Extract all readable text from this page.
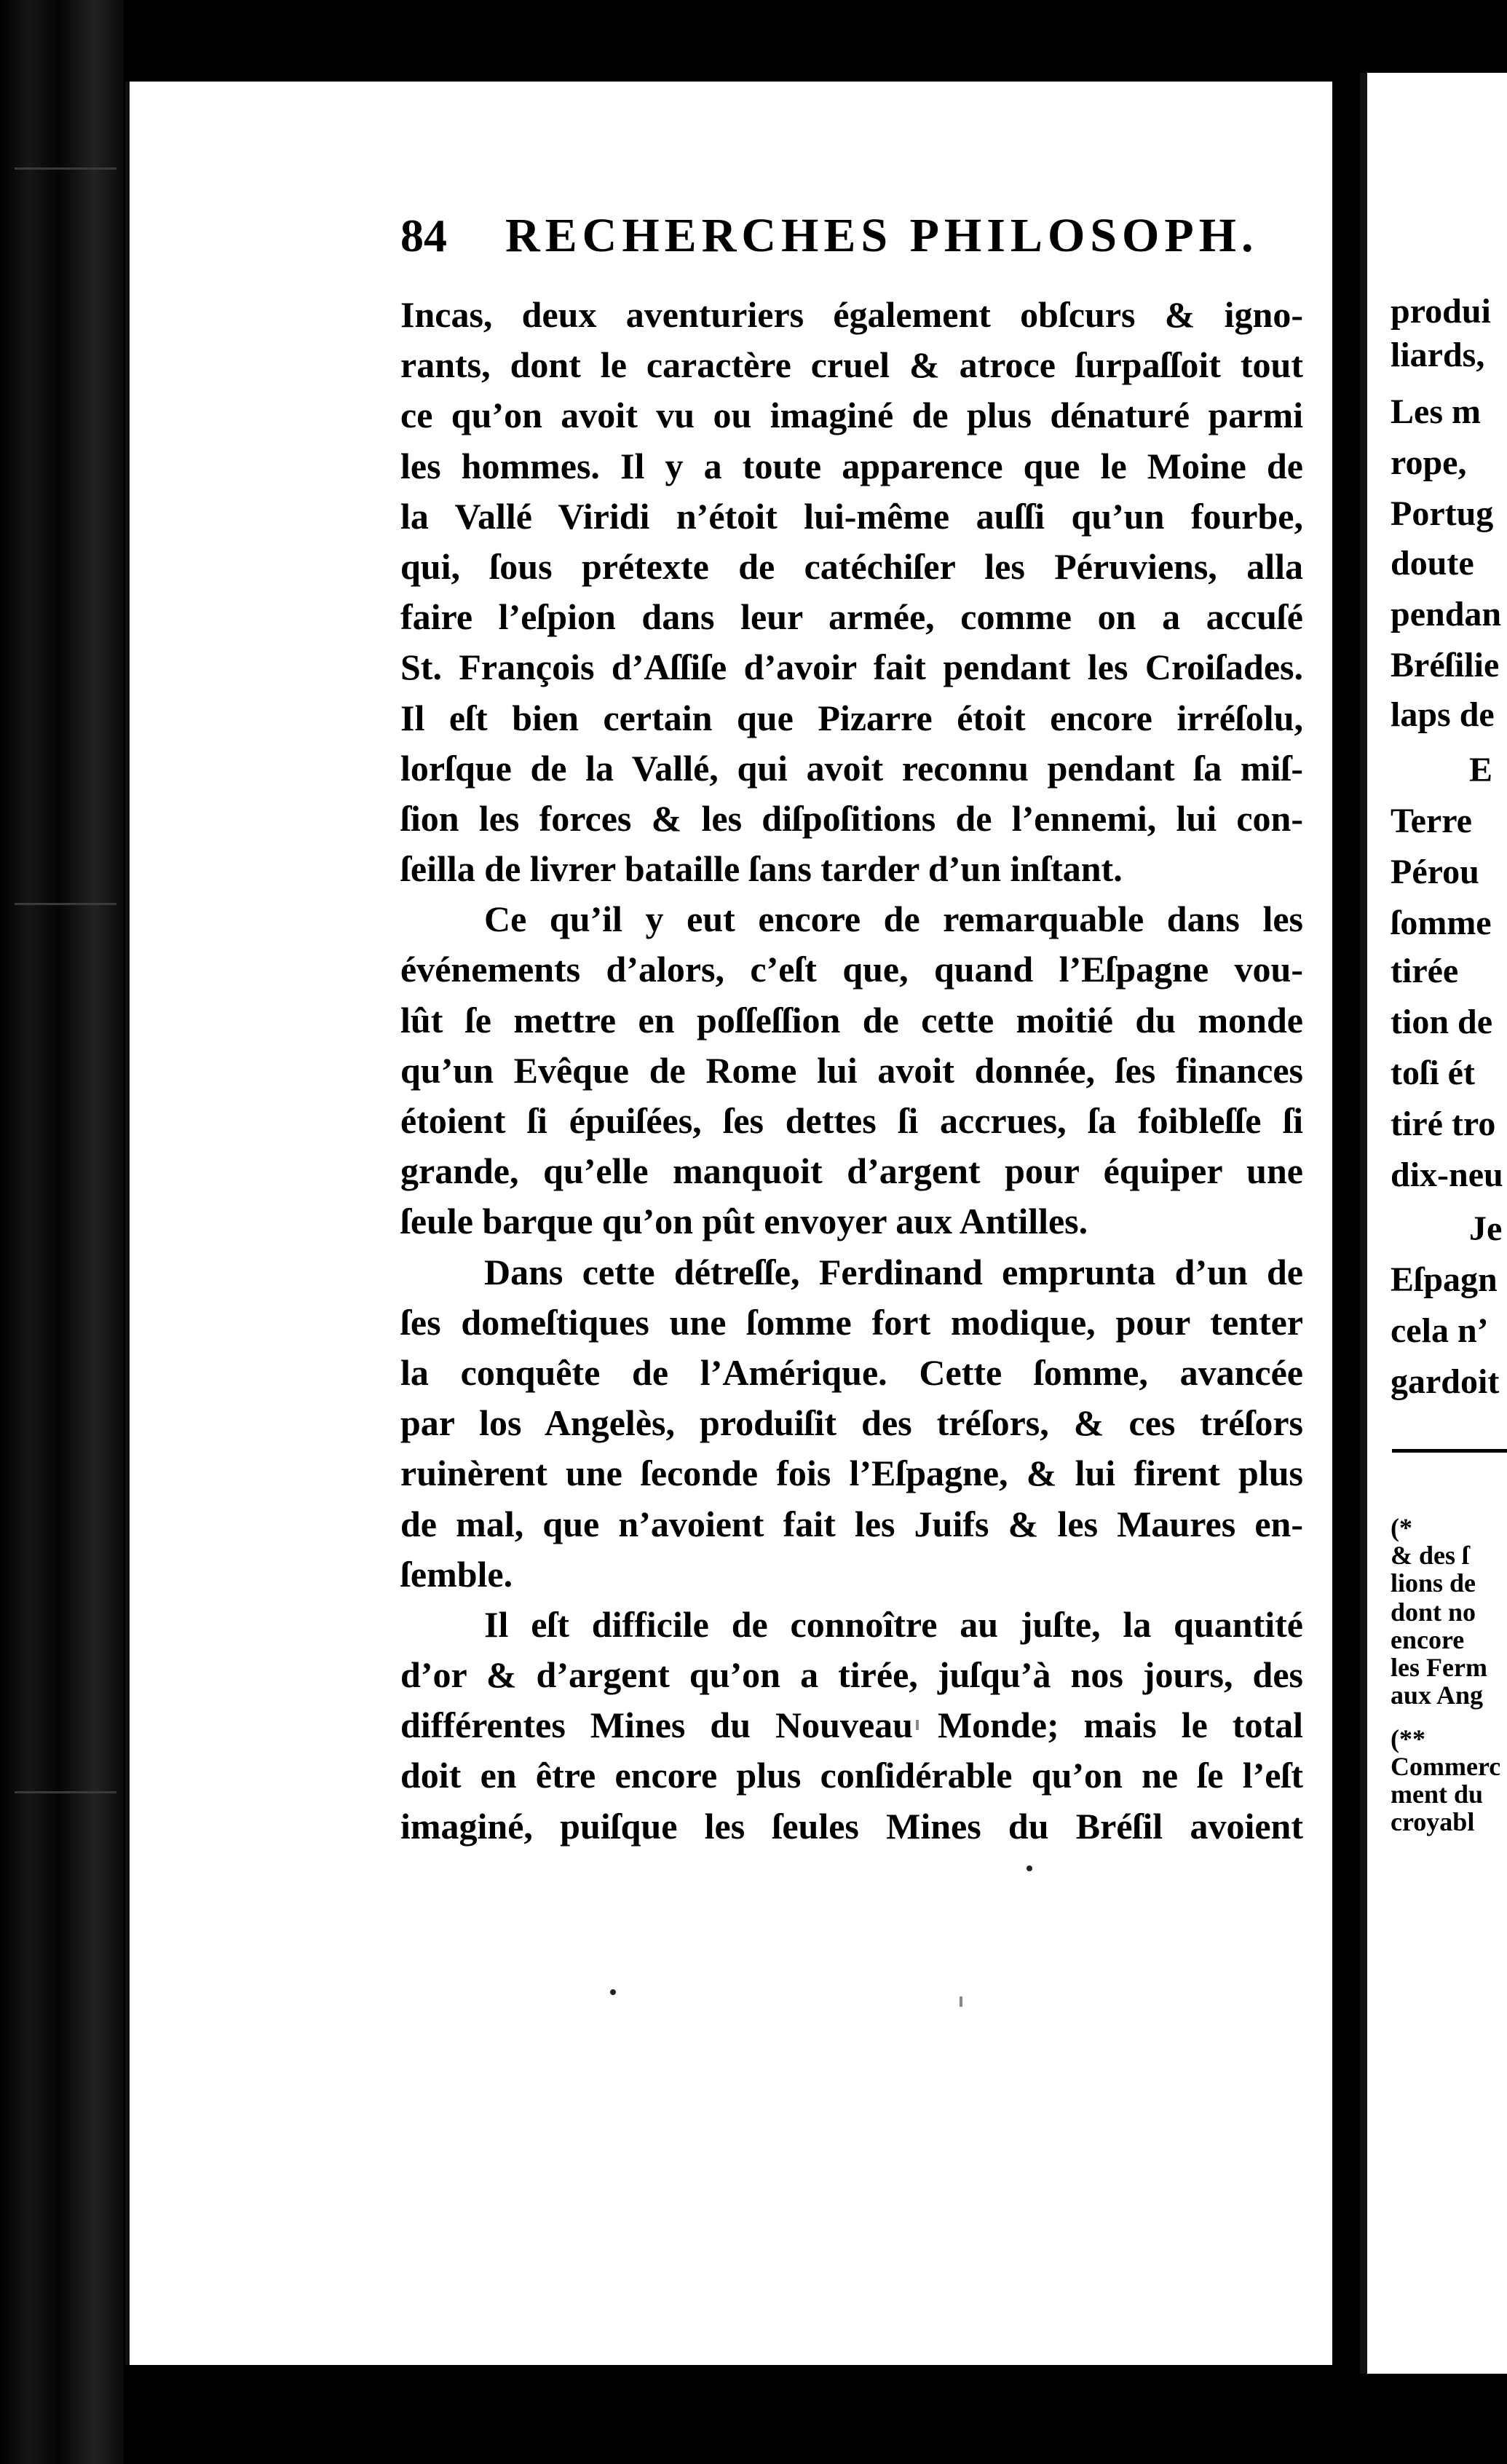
84 RECHERCHES PHILOSOPH.
Incas, deux aventuriers également obſcurs & igno-
rants, dont le caractère cruel & atroce ſurpaſſoit tout
ce qu’on avoit vu ou imaginé de plus dénaturé parmi
les hommes. Il y a toute apparence que le Moine de
la Vallé Viridi n’étoit lui-même auſſi qu’un fourbe,
qui, ſous prétexte de catéchiſer les Péruviens, alla
faire l’eſpion dans leur armée, comme on a accuſé
St. François d’Aſſiſe d’avoir fait pendant les Croiſades.
Il eſt bien certain que Pizarre étoit encore irréſolu,
lorſque de la Vallé, qui avoit reconnu pendant ſa miſ-
ſion les forces & les diſpoſitions de l’ennemi, lui con-
ſeilla de livrer bataille ſans tarder d’un inſtant.
Ce qu’il y eut encore de remarquable dans les
événements d’alors, c’eſt que, quand l’Eſpagne vou-
lût ſe mettre en poſſeſſion de cette moitié du monde
qu’un Evêque de Rome lui avoit donnée, ſes finances
étoient ſi épuiſées, ſes dettes ſi accrues, ſa foibleſſe ſi
grande, qu’elle manquoit d’argent pour équiper une
ſeule barque qu’on pût envoyer aux Antilles.
Dans cette détreſſe, Ferdinand emprunta d’un de
ſes domeſtiques une ſomme fort modique, pour tenter
la conquête de l’Amérique. Cette ſomme, avancée
par los Angelès, produiſit des tréſors, & ces tréſors
ruinèrent une ſeconde fois l’Eſpagne, & lui firent plus
de mal, que n’avoient fait les Juifs & les Maures en-
ſemble.
Il eſt difficile de connoître au juſte, la quantité
d’or & d’argent qu’on a tirée, juſqu’à nos jours, des
différentes Mines du Nouveau Monde; mais le total
doit en être encore plus conſidérable qu’on ne ſe l’eſt
imaginé, puiſque les ſeules Mines du Bréſil avoient
produi
liards,
Les m
rope,
Portug
doute
pendan
Bréſilie
laps de
E
Terre
Pérou
ſomme
tirée
tion de
toſi ét
tiré tro
dix-neu
Je
Eſpagn
cela n’
gardoit
(*
& des ſ
lions de
dont no
encore
les Ferm
aux Ang
(**
Commerc
ment du
croyabl
